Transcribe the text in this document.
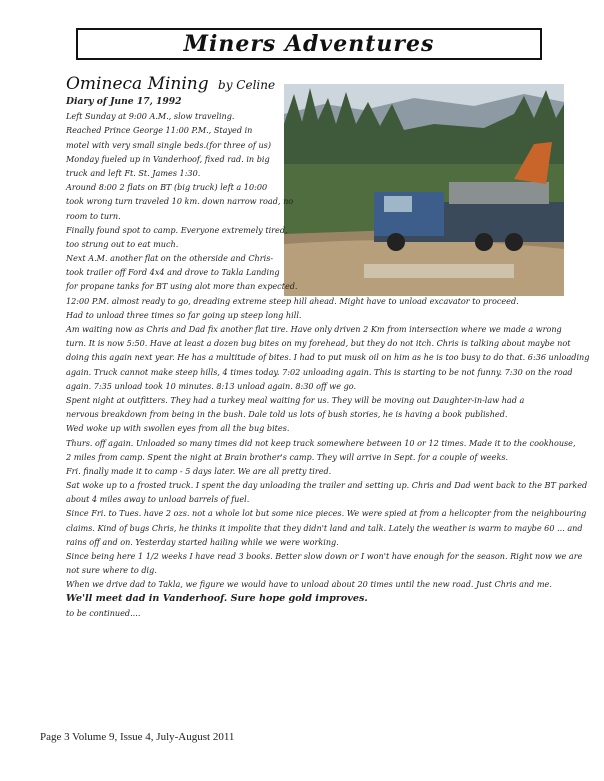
Miners Adventures
Omineca Mining by Celine
Diary of June 17, 1992
Left Sunday at 9:00 A.M., slow traveling.
Reached Prince George 11:00 P.M., Stayed in
motel with very small single beds.(for three of us)
Monday fueled up in Vanderhoof, fixed rad. in big
truck and left Ft. St. James 1:30.
Around 8:00 2 flats on BT (big truck) left a 10:00
took wrong turn traveled 10 km. down narrow road, no
room to turn.
Finally found spot to camp. Everyone extremely tired,
too strung out to eat much.
Next A.M. another flat on the otherside and Chris-
took trailer off Ford 4x4 and drove to Takla Landing
for propane tanks for BT using alot more than expected.
12:00 P.M. almost ready to go, dreading extreme steep hill ahead. Might have to unload excavator to proceed.
Had to unload three times so far going up steep long hill.
Am waiting now as Chris and Dad fix another flat tire. Have only driven 2 Km from intersection where we made a wrong
turn. It is now 5:50. Have at least a dozen bug bites on my forehead, but they do not itch. Chris is talking about maybe not
doing this again next year. He has a multitude of bites. I had to put musk oil on him as he is too busy to do that. 6:36 unloading
again. Truck cannot make steep hills, 4 times today. 7:02 unloading again. This is starting to be not funny. 7:30 on the road
again. 7:35 unload took 10 minutes. 8:13 unload again. 8:30 off we go.
Spent night at outfitters. They had a turkey meal waiting for us. They will be moving out Daughter-in-law had a
nervous breakdown from being in the bush. Dale told us lots of bush stories, he is having a book published.
Wed woke up with swollen eyes from all the bug bites.
Thurs. off again. Unloaded so many times did not keep track somewhere between 10 or 12 times. Made it to the cookhouse,
2 miles from camp. Spent the night at Brain brother's camp. They will arrive in Sept. for a couple of weeks.
Fri. finally made it to camp - 5 days later. We are all pretty tired.
Sat woke up to a frosted truck. I spent the day unloading the trailer and setting up. Chris and Dad went back to the BT parked
about 4 miles away to unload barrels of fuel.
Since Fri. to Tues. have 2 ozs. not a whole lot but some nice pieces. We were spied at from a helicopter from the neighbouring
claims. Kind of bugs Chris, he thinks it impolite that they didn't land and talk. Lately the weather is warm to maybe 60 ... and
rains off and on. Yesterday started hailing while we were working.
Since being here 1 1/2 weeks I have read 3 books. Better slow down or I won't have enough for the season. Right now we are
not sure where to dig.
When we drive dad to Takla, we figure we would have to unload about 20 times until the new road. Just Chris and me.
We'll meet dad in Vanderhoof. Sure hope gold improves.
to be continued....
Page 3 Volume 9, Issue 4, July-August 2011
